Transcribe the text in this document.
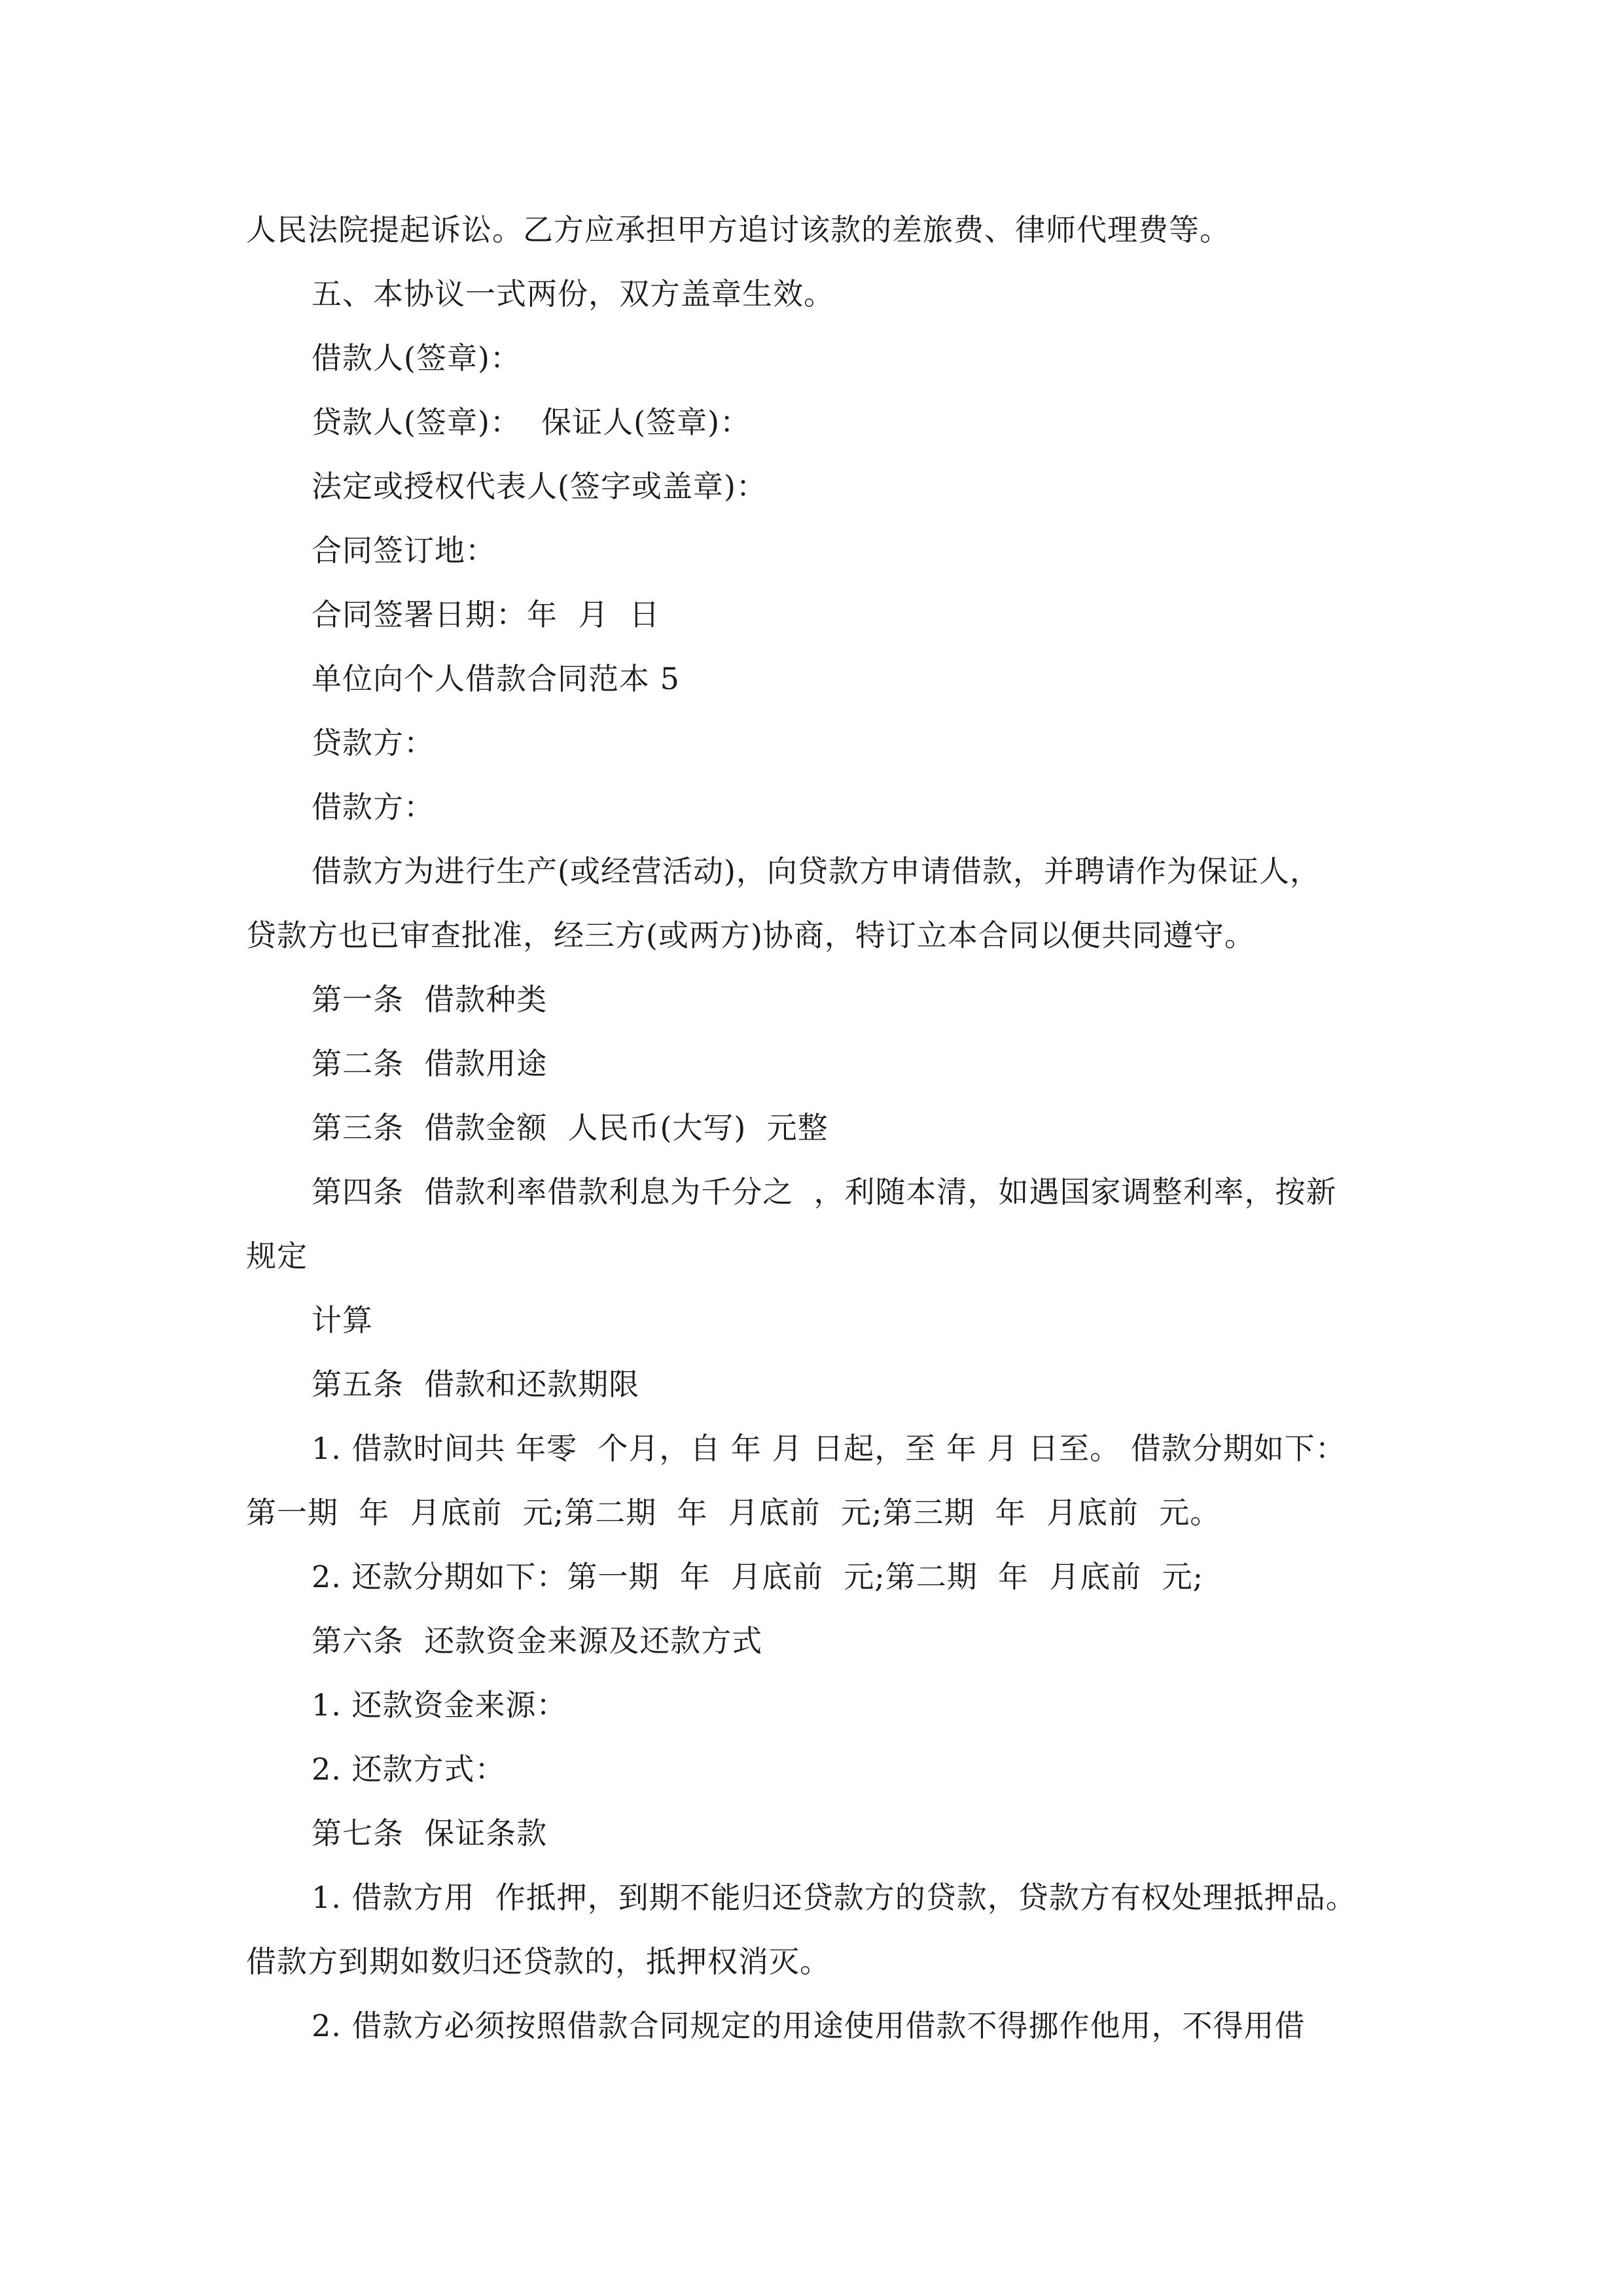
人民法院提起诉讼。乙方应承担甲方追讨该款的差旅费、律师代理费等。
五、本协议一式两份，双方盖章生效。
借款人(签章)：
贷款人(签章)：  保证人(签章)：
法定或授权代表人(签字或盖章)：
合同签订地：
合同签署日期：年  月  日
单位向个人借款合同范本 5
贷款方：
借款方：
借款方为进行生产(或经营活动)，向贷款方申请借款，并聘请作为保证人，
贷款方也已审查批准，经三方(或两方)协商，特订立本合同以便共同遵守。
第一条  借款种类
第二条  借款用途
第三条  借款金额  人民币(大写)  元整
第四条  借款利率借款利息为千分之  ，利随本清，如遇国家调整利率，按新
规定
计算
第五条  借款和还款期限
1. 借款时间共 年零  个月，自 年 月 日起，至 年 月 日至。 借款分期如下：
第一期  年  月底前  元;第二期  年  月底前  元;第三期  年  月底前  元。
2. 还款分期如下：第一期  年  月底前  元;第二期  年  月底前  元;
第六条  还款资金来源及还款方式
1. 还款资金来源：
2. 还款方式：
第七条  保证条款
1. 借款方用  作抵押，到期不能归还贷款方的贷款，贷款方有权处理抵押品。
借款方到期如数归还贷款的，抵押权消灭。
2. 借款方必须按照借款合同规定的用途使用借款不得挪作他用，不得用借
